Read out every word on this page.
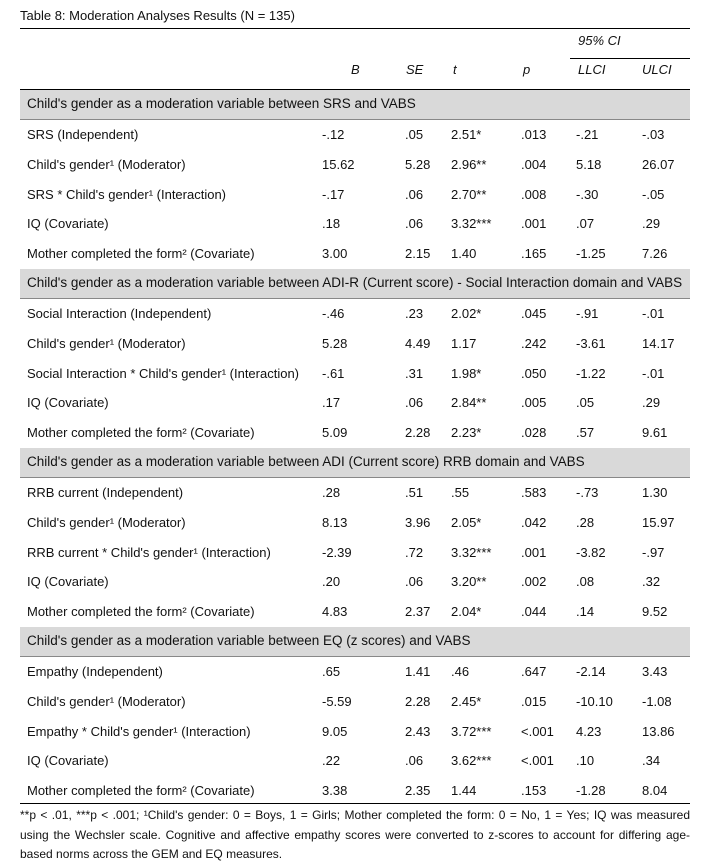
Table 8: Moderation Analyses Results (N = 135)
95% CI
B	SE t	p	LLCI	ULCI
Child's gender as a moderation variable between SRS and VABS
SRS (Independent)	-.12	.05 2.51*	.013 -.21	-.03
Child's gender¹ (Moderator)	15.62	5.28 2.96**	.004 5.18	26.07
SRS * Child's gender¹ (Interaction)	-.17	.06 2.70**	.008 -.30	-.05
IQ (Covariate)	.18	.06 3.32*** .001 .07	.29
Mother completed the form² (Covariate)	3.00	2.15 1.40	.165 -1.25	7.26
Child's gender as a moderation variable between ADI-R (Current score) - Social Interaction domain and VABS
Social Interaction (Independent)	-.46	.23 2.02*	.045 -.91	-.01
Child's gender¹ (Moderator)	5.28	4.49 1.17	.242 -3.61	14.17
Social Interaction * Child's gender¹ (Interaction) -.61	.31 1.98*	.050 -1.22	-.01
IQ (Covariate)	.17	.06 2.84**	.005 .05	.29
Mother completed the form² (Covariate)	5.09	2.28 2.23*	.028 .57	9.61
Child's gender as a moderation variable between ADI (Current score) RRB domain and VABS
RRB current (Independent)	.28	.51 .55	.583 -.73	1.30
Child's gender¹ (Moderator)	8.13	3.96 2.05*	.042 .28	15.97
RRB current * Child's gender¹ (Interaction)	-2.39	.72 3.32*** .001 -3.82	-.97
IQ (Covariate)	.20	.06 3.20**	.002 .08	.32
Mother completed the form² (Covariate)	4.83	2.37 2.04*	.044 .14	9.52
Child's gender as a moderation variable between EQ (z scores) and VABS
Empathy (Independent)	.65	1.41 .46	.647 -2.14	3.43
Child's gender¹ (Moderator)	-5.59	2.28 2.45*	.015 -10.10 -1.08
Empathy * Child's gender¹ (Interaction)	9.05	2.43 3.72*** <.001 4.23	13.86
IQ (Covariate)	.22	.06 3.62*** <.001 .10	.34
Mother completed the form² (Covariate)	3.38	2.35 1.44	.153 -1.28	8.04
**p < .01, ***p < .001; ¹Child's gender: 0 = Boys, 1 = Girls; Mother completed the form: 0 = No, 1 = Yes; IQ was measured using the Wechsler scale. Cognitive and affective empathy scores were converted to z-scores to account for differing age-based norms across the GEM and EQ measures.
